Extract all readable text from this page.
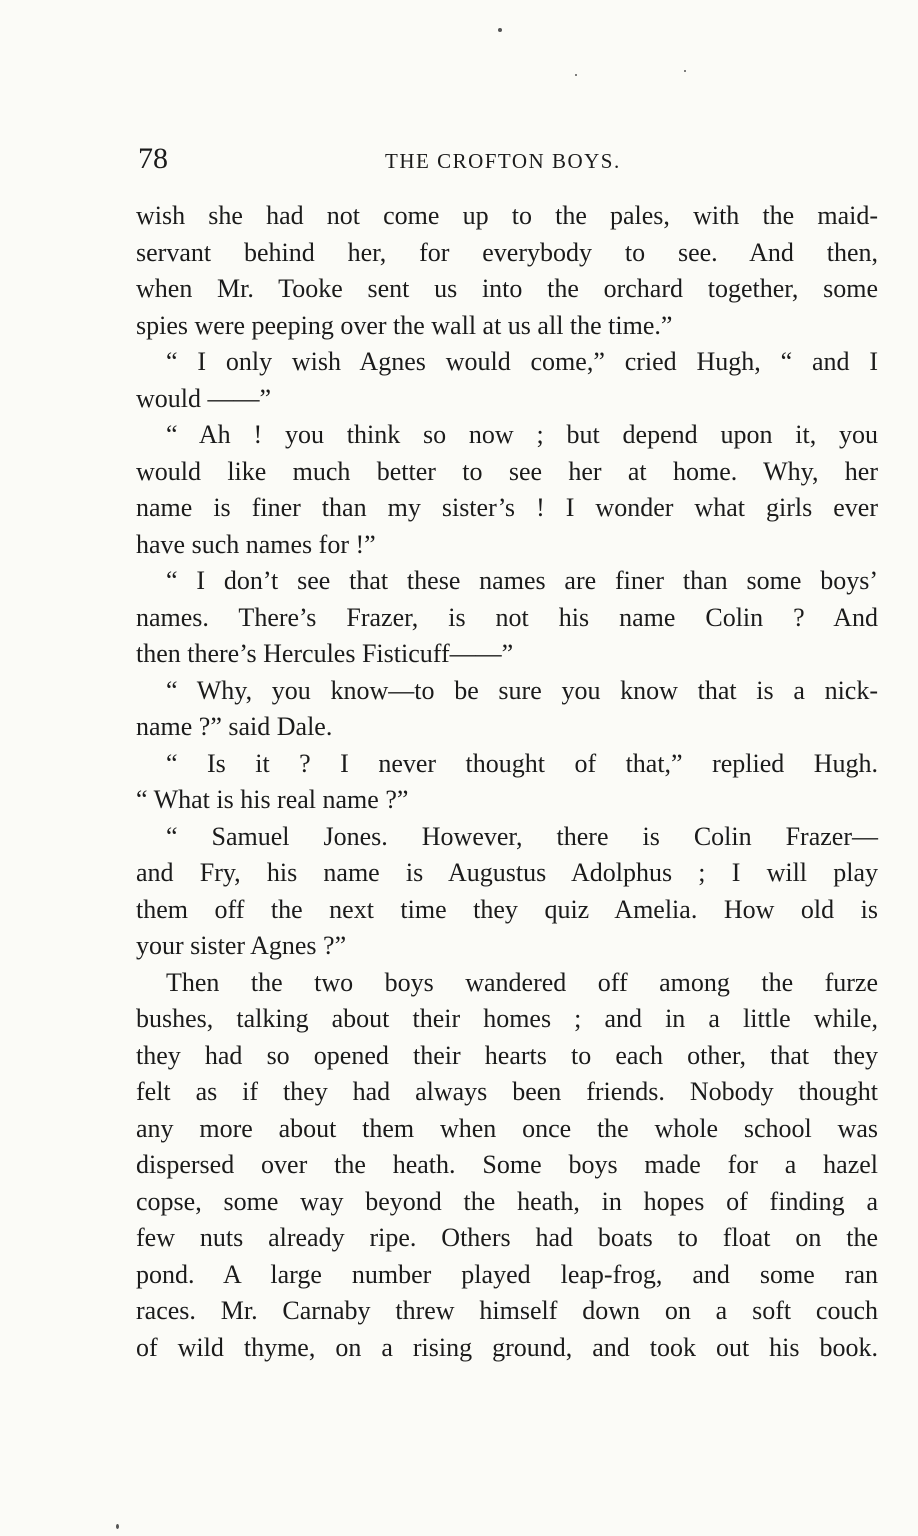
78	THE CROFTON BOYS.
wish she had not come up to the pales, with the maid-
servant behind her, for everybody to see. And then,
when Mr. Tooke sent us into the orchard together, some
spies were peeping over the wall at us all the time.”
“ I only wish Agnes would come,” cried Hugh, “ and I
would ——”
“ Ah ! you think so now ; but depend upon it, you
would like much better to see her at home. Why, her
name is finer than my sister’s ! I wonder what girls ever
have such names for !”
“ I don’t see that these names are finer than some boys’
names. There’s Frazer, is not his name Colin ? And
then there’s Hercules Fisticuff——”
“ Why, you know—to be sure you know that is a nick-
name ?” said Dale.
“ Is it ? I never thought of that,” replied Hugh.
“ What is his real name ?”
“ Samuel Jones. However, there is Colin Frazer—
and Fry, his name is Augustus Adolphus ; I will play
them off the next time they quiz Amelia. How old is
your sister Agnes ?”
Then the two boys wandered off among the furze
bushes, talking about their homes ; and in a little while,
they had so opened their hearts to each other, that they
felt as if they had always been friends. Nobody thought
any more about them when once the whole school was
dispersed over the heath. Some boys made for a hazel
copse, some way beyond the heath, in hopes of finding a
few nuts already ripe. Others had boats to float on the
pond. A large number played leap-frog, and some ran
races. Mr. Carnaby threw himself down on a soft couch
of wild thyme, on a rising ground, and took out his book.
